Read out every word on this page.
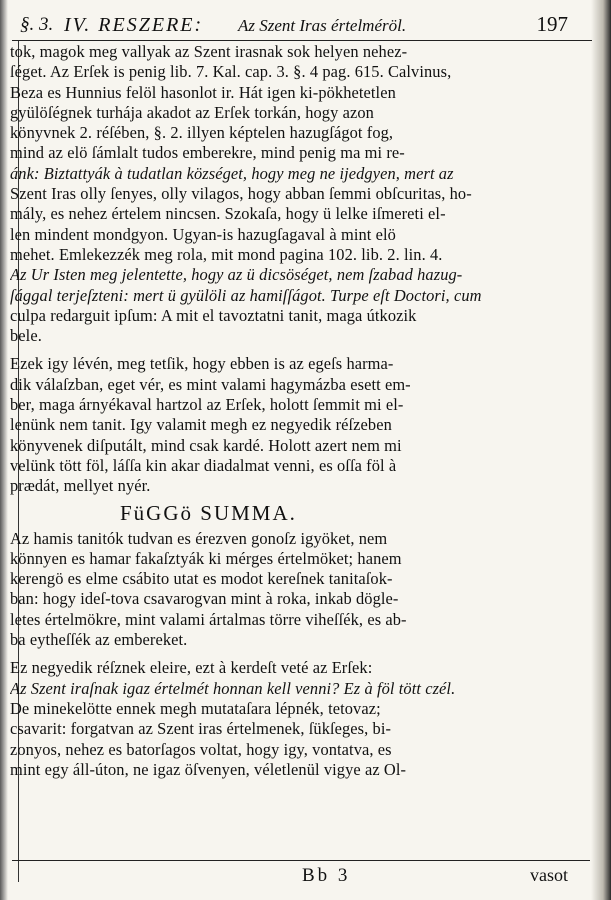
§. 3. IV. RESZERE: Az Szent Iras értelméröl.	197
tok, magok meg vallyak az Szent irasnak sok helyen nehez-
ſéget. Az Erſek is penig lib. 7. Kal. cap. 3. §. 4 pag. 615. Calvinus,
Beza es Hunnius felöl hasonlot ir. Hát igen ki-pökhetetlen
gyülöſégnek turhája akadot az Erſek torkán, hogy azon
könyvnek 2. réſében, §. 2. illyen képtelen hazugſágot fog,
mind az elö ſámlalt tudos emberekre, mind penig ma mi re-
ánk: Biztattyák à tudatlan községet, hogy meg ne ijedgyen, mert az
Szent Iras olly ſenyes, olly vilagos, hogy abban ſemmi obſcuritas, ho-
mály, es nehez értelem nincsen. Szokaſa, hogy ü lelke iſmereti el-
len mindent mondgyon. Ugyan-is hazugſagaval à mint elö
mehet. Emlekezzék meg rola, mit mond pagina 102. lib. 2. lin. 4.
Az Ur Isten meg jelentette, hogy az ü dicsöséget, nem ſzabad hazug-
ſággal terjeſzteni: mert ü gyülöli az hamiſſágot. Turpe eſt Doctori, cum
culpa redarguit ipſum: A mit el tavoztatni tanit, maga útkozik
bele.
Ezek igy lévén, meg tetſik, hogy ebben is az egeſs harma-
dik válaſzban, eget vér, es mint valami hagymázba esett em-
ber, maga árnyékaval hartzol az Erſek, holott ſemmit mi el-
lenünk nem tanit. Igy valamit megh ez negyedik réſzeben
könyvenek diſputált, mind csak kardé. Holott azert nem mi
velünk tött föl, láſſa kin akar diadalmat venni, es oſſa föl à
prædát, mellyet nyér.
FüGGö SUMMA.
Az hamis tanitók tudvan es érezven gonoſz igyöket, nem
könnyen es hamar fakaſztyák ki mérges értelmöket; hanem
kerengö es elme csábito utat es modot kereſnek tanitaſok-
ban: hogy ideſ-tova csavarogvan mint à roka, inkab dögle-
letes értelmökre, mint valami ártalmas törre viheſſék, es ab-
ba eytheſſék az embereket.
Ez negyedik réſznek eleire, ezt à kerdeſt veté az Erſek:
Az Szent iraſnak igaz értelmét honnan kell venni? Ez à föl tött czél.
De minekelötte ennek megh mutataſara lépnék, tetovaz;
csavarit: forgatvan az Szent iras értelmenek, ſükſeges, bi-
zonyos, nehez es batorſagos voltat, hogy igy, vontatva, es
mint egy áll-úton, ne igaz öſvenyen, véletlenül vigye az Ol-
Bb 3	vasot
